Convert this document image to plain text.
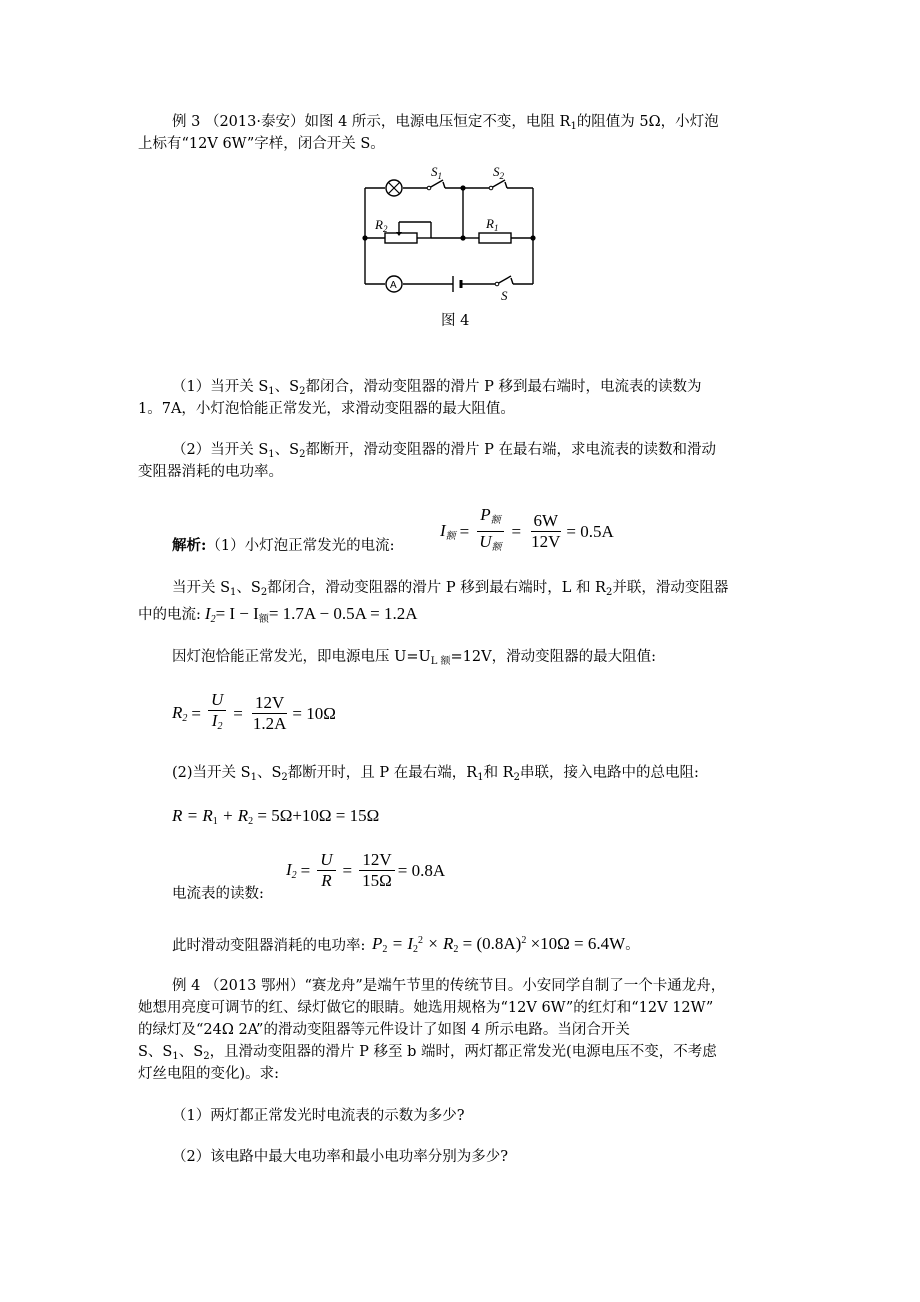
例 3 （2013·泰安）如图 4 所示，电源电压恒定不变，电阻 $R_1$的阻值为 5Ω，小灯泡
上标有“12V 6W”字样，闭合开关 S。
$S_1$	$S_2$
$R_2$	$R_1$
A
S
图 4
（1）当开关 $S_1$、$S_2$都闭合，滑动变阻器的滑片 P 移到最右端时，电流表的读数为
1。7A，小灯泡恰能正常发光，求滑动变阻器的最大阻值。
（2）当开关 $S_1$、$S_2$都断开，滑动变阻器的滑片 P 在最右端，求电流表的读数和滑动
变阻器消耗的电功率。
解析:（1）小灯泡正常发光的电流:
$I_额 = \frac{P_额}{U_额} = \frac{6W}{12V} = 0.5A$
当开关 $S_1$、$S_2$都闭合，滑动变阻器的滑片 P 移到最右端时，L 和 $R_2$并联，滑动变阻器
中的电流: $I_2= I - I_额= 1.7A - 0.5A = 1.2A$
因灯泡恰能正常发光，即电源电压 $U=U_{L 额}=12V$，滑动变阻器的最大阻值:
$R_2 = \frac{U}{I_2} = \frac{12V}{1.2A} = 10\Omega$
(2)当开关 $S_1$、$S_2$都断开时，且 P 在最右端，$R_1$和 $R_2$串联，接入电路中的总电阻:
$R = R_1 + R_2 = 5\Omega+10\Omega = 15\Omega$
电流表的读数:
$I_2 = \frac{U}{R} = \frac{12V}{15\Omega} = 0.8A$
此时滑动变阻器消耗的电功率: $P_2 = I_2^2 \times R_2 = (0.8A)^2 \times 10\Omega = 6.4W$。
例 4 （2013 鄂州）“赛龙舟”是端午节里的传统节目。小安同学自制了一个卡通龙舟，
她想用亮度可调节的红、绿灯做它的眼睛。她选用规格为“12V 6W”的红灯和“12V 12W”
的绿灯及“24Ω 2A”的滑动变阻器等元件设计了如图 4 所示电路。当闭合开关
S、$S_1$、$S_2$，且滑动变阻器的滑片 P 移至 b 端时，两灯都正常发光(电源电压不变，不考虑
灯丝电阻的变化)。求:
（1）两灯都正常发光时电流表的示数为多少?
（2）该电路中最大电功率和最小电功率分别为多少?
